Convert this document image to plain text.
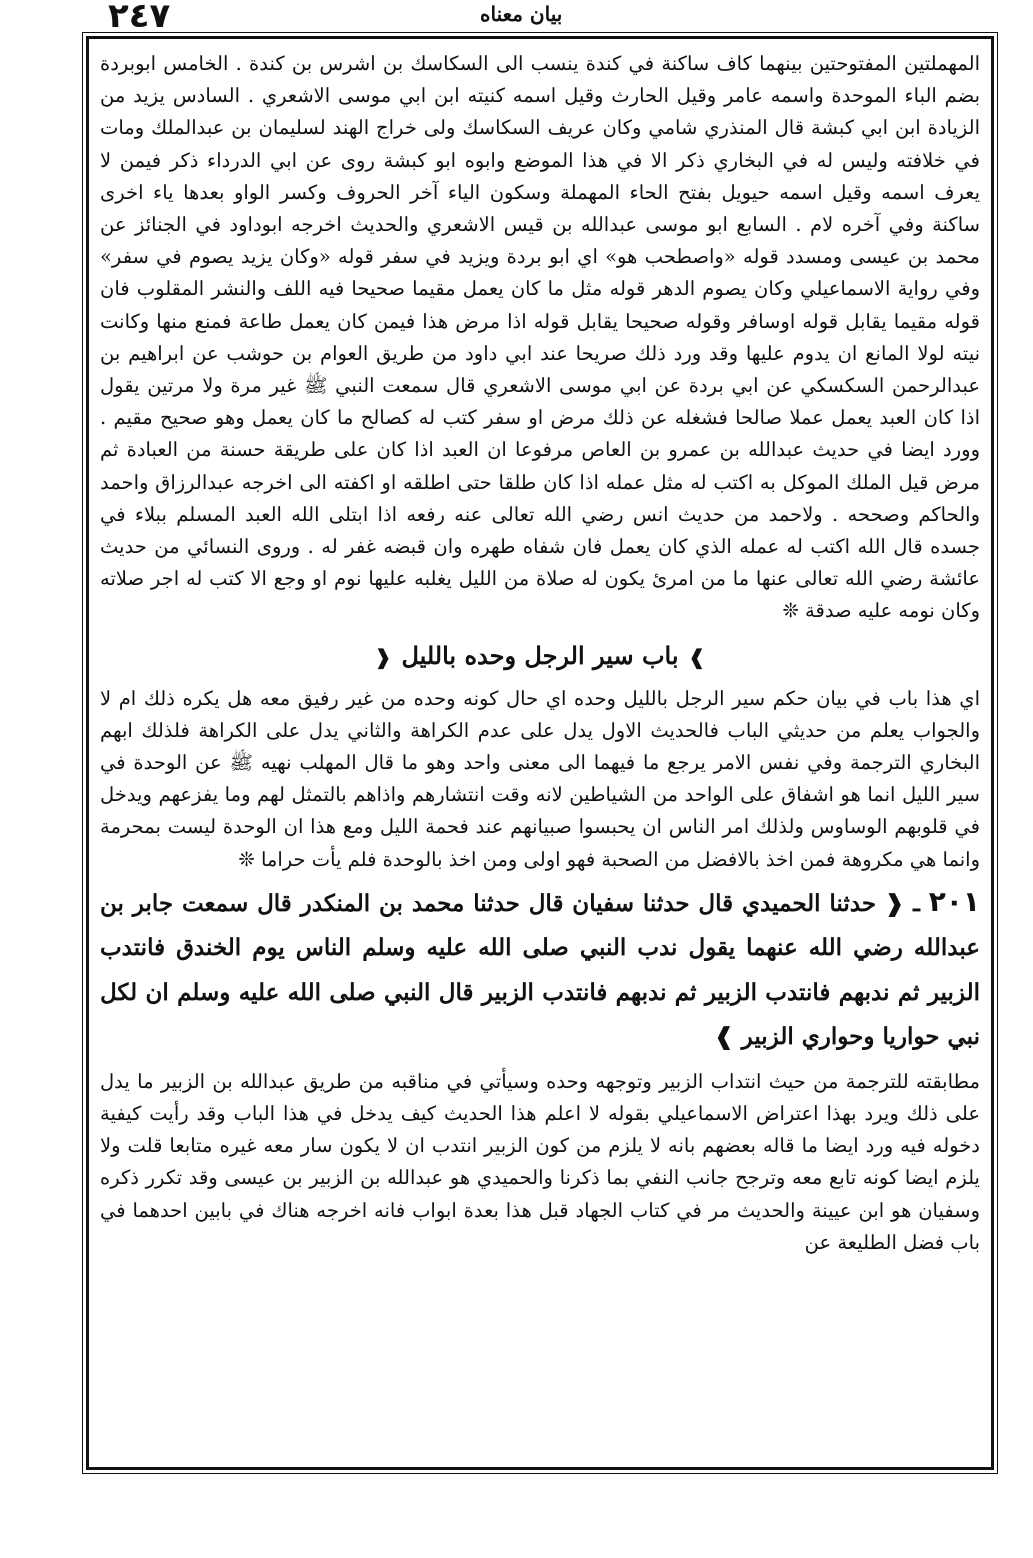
٢٤٧	بيان معناه

المهملتين المفتوحتين بينهما كاف ساكنة في كندة ينسب الى السكاسك بن اشرس بن كندة . الخامس ابوبردة بضم الباء الموحدة واسمه عامر وقيل الحارث وقيل اسمه كنيته ابن ابي موسى الاشعري . السادس يزيد من الزيادة ابن ابي كبشة قال المنذري شامي وكان عريف السكاسك ولى خراج الهند لسليمان بن عبدالملك ومات في خلافته وليس له في البخاري ذكر الا في هذا الموضع وابوه ابو كبشة روى عن ابي الدرداء ذكر فيمن لا يعرف اسمه وقيل اسمه حيويل بفتح الحاء المهملة وسكون الياء آخر الحروف وكسر الواو بعدها ياء اخرى ساكنة وفي آخره لام . السابع ابو موسى عبدالله بن قيس الاشعري والحديث اخرجه ابوداود في الجنائز عن محمد بن عيسى ومسدد قوله «واصطحب هو» اي ابو بردة ويزيد في سفر قوله «وكان يزيد يصوم في سفر» وفي رواية الاسماعيلي وكان يصوم الدهر قوله مثل ما كان يعمل مقيما صحيحا فيه اللف والنشر المقلوب فان قوله مقيما يقابل قوله اوسافر وقوله صحيحا يقابل قوله اذا مرض هذا فيمن كان يعمل طاعة فمنع منها وكانت نيته لولا المانع ان يدوم عليها وقد ورد ذلك صريحا عند ابي داود من طريق العوام بن حوشب عن ابراهيم بن عبدالرحمن السكسكي عن ابي بردة عن ابي موسى الاشعري قال سمعت النبي ﷺ غير مرة ولا مرتين يقول اذا كان العبد يعمل عملا صالحا فشغله عن ذلك مرض او سفر كتب له كصالح ما كان يعمل وهو صحيح مقيم . وورد ايضا في حديث عبدالله بن عمرو بن العاص مرفوعا ان العبد اذا كان على طريقة حسنة من العبادة ثم مرض قيل الملك الموكل به اكتب له مثل عمله اذا كان طلقا حتى اطلقه او اكفته الى اخرجه عبدالرزاق واحمد والحاكم وصححه . ولاحمد من حديث انس رضي الله تعالى عنه رفعه اذا ابتلى الله العبد المسلم ببلاء في جسده قال الله اكتب له عمله الذي كان يعمل فان شفاه طهره وان قبضه غفر له . وروى النسائي من حديث عائشة رضي الله تعالى عنها ما من امرئ يكون له صلاة من الليل يغلبه عليها نوم او وجع الا كتب له اجر صلاته وكان نومه عليه صدقة ❊

❱باب سير الرجل وحده بالليل❰

اي هذا باب في بيان حكم سير الرجل بالليل وحده اي حال كونه وحده من غير رفيق معه هل يكره ذلك ام لا والجواب يعلم من حديثي الباب فالحديث الاول يدل على عدم الكراهة والثاني يدل على الكراهة فلذلك ابهم البخاري الترجمة وفي نفس الامر يرجع ما فيهما الى معنى واحد وهو ما قال المهلب نهيه ﷺ عن الوحدة في سير الليل انما هو اشفاق على الواحد من الشياطين لانه وقت انتشارهم واذاهم بالتمثل لهم وما يفزعهم ويدخل في قلوبهم الوساوس ولذلك امر الناس ان يحبسوا صبيانهم عند فحمة الليل ومع هذا ان الوحدة ليست بمحرمة وانما هي مكروهة فمن اخذ بالافضل من الصحبة فهو اولى ومن اخذ بالوحدة فلم يأت حراما ❊

٢٠١ ـ ❰ حدثنا الحميدي قال حدثنا سفيان قال حدثنا محمد بن المنكدر قال سمعت جابر بن عبدالله رضي الله عنهما يقول ندب النبي صلى الله عليه وسلم الناس يوم الخندق فانتدب الزبير ثم ندبهم فانتدب الزبير ثم ندبهم فانتدب الزبير قال النبي صلى الله عليه وسلم ان لكل نبي حواريا وحواري الزبير ❱

مطابقته للترجمة من حيث انتداب الزبير وتوجهه وحده وسيأتي في مناقبه من طريق عبدالله بن الزبير ما يدل على ذلك ويرد بهذا اعتراض الاسماعيلي بقوله لا اعلم هذا الحديث كيف يدخل في هذا الباب وقد رأيت كيفية دخوله فيه ورد ايضا ما قاله بعضهم بانه لا يلزم من كون الزبير انتدب ان لا يكون سار معه غيره متابعا قلت ولا يلزم ايضا كونه تابع معه وترجح جانب النفي بما ذكرنا والحميدي هو عبدالله بن الزبير بن عيسى وقد تكرر ذكره وسفيان هو ابن عيينة والحديث مر في كتاب الجهاد قبل هذا بعدة ابواب فانه اخرجه هناك في بابين احدهما في باب فضل الطليعة عن
